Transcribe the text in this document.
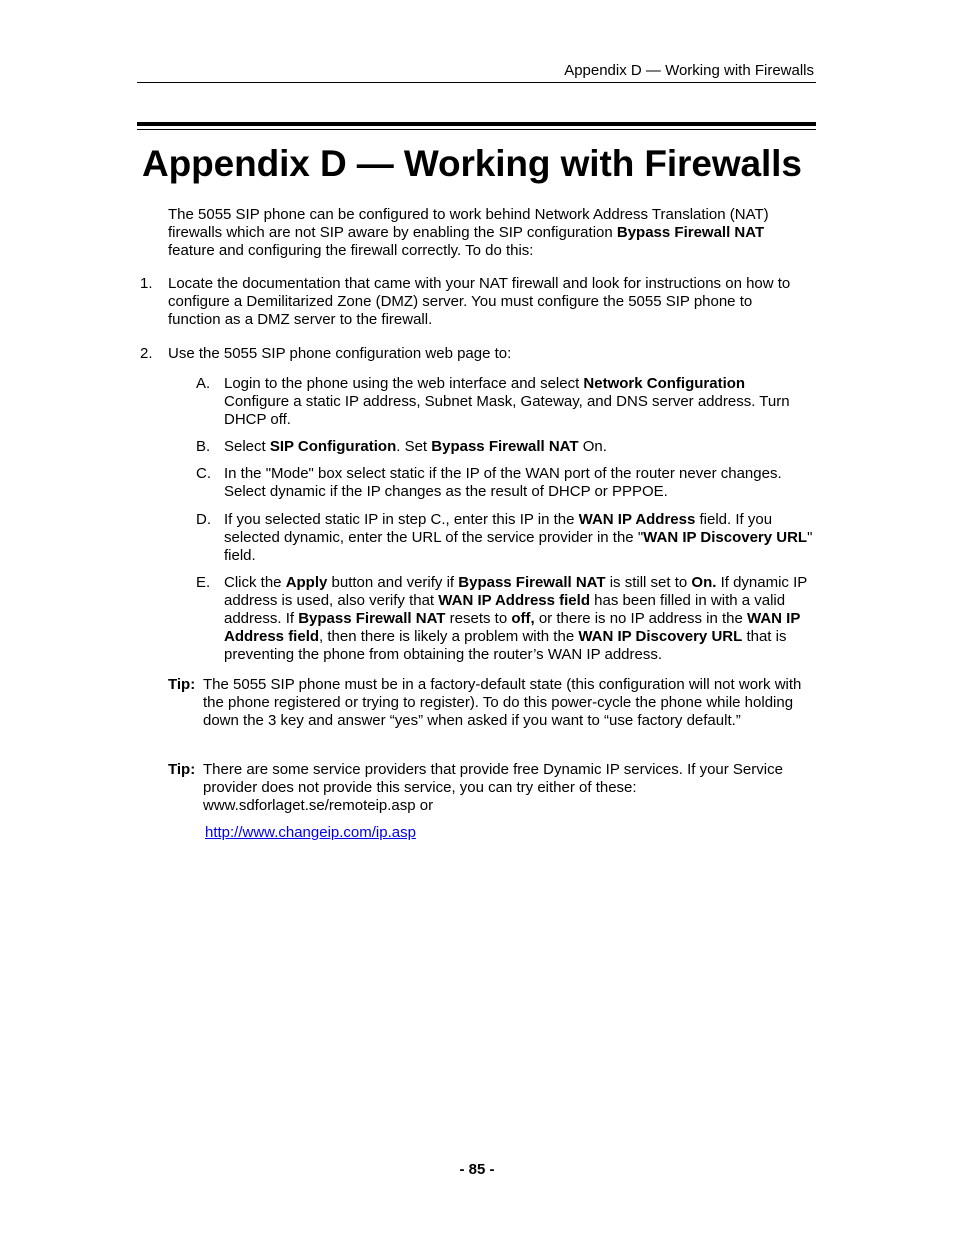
Appendix D — Working with Firewalls
Appendix D — Working with Firewalls
The 5055 SIP phone can be configured to work behind Network Address Translation (NAT) firewalls which are not SIP aware by enabling the SIP configuration Bypass Firewall NAT feature and configuring the firewall correctly. To do this:
1. Locate the documentation that came with your NAT firewall and look for instructions on how to configure a Demilitarized Zone (DMZ) server. You must configure the 5055 SIP phone to function as a DMZ server to the firewall.
2. Use the 5055 SIP phone configuration web page to:
A. Login to the phone using the web interface and select Network Configuration Configure a static IP address, Subnet Mask, Gateway, and DNS server address. Turn DHCP off.
B. Select SIP Configuration. Set Bypass Firewall NAT On.
C. In the "Mode" box select static if the IP of the WAN port of the router never changes. Select dynamic if the IP changes as the result of DHCP or PPPOE.
D. If you selected static IP in step C., enter this IP in the WAN IP Address field. If you selected dynamic, enter the URL of the service provider in the "WAN IP Discovery URL" field.
E. Click the Apply button and verify if Bypass Firewall NAT is still set to On. If dynamic IP address is used, also verify that WAN IP Address field has been filled in with a valid address. If Bypass Firewall NAT resets to off, or there is no IP address in the WAN IP Address field, then there is likely a problem with the WAN IP Discovery URL that is preventing the phone from obtaining the router’s WAN IP address.
Tip: The 5055 SIP phone must be in a factory-default state (this configuration will not work with the phone registered or trying to register). To do this power-cycle the phone while holding down the 3 key and answer “yes” when asked if you want to “use factory default.”
Tip: There are some service providers that provide free Dynamic IP services. If your Service provider does not provide this service, you can try either of these: www.sdforlaget.se/remoteip.asp or
http://www.changeip.com/ip.asp
- 85 -
